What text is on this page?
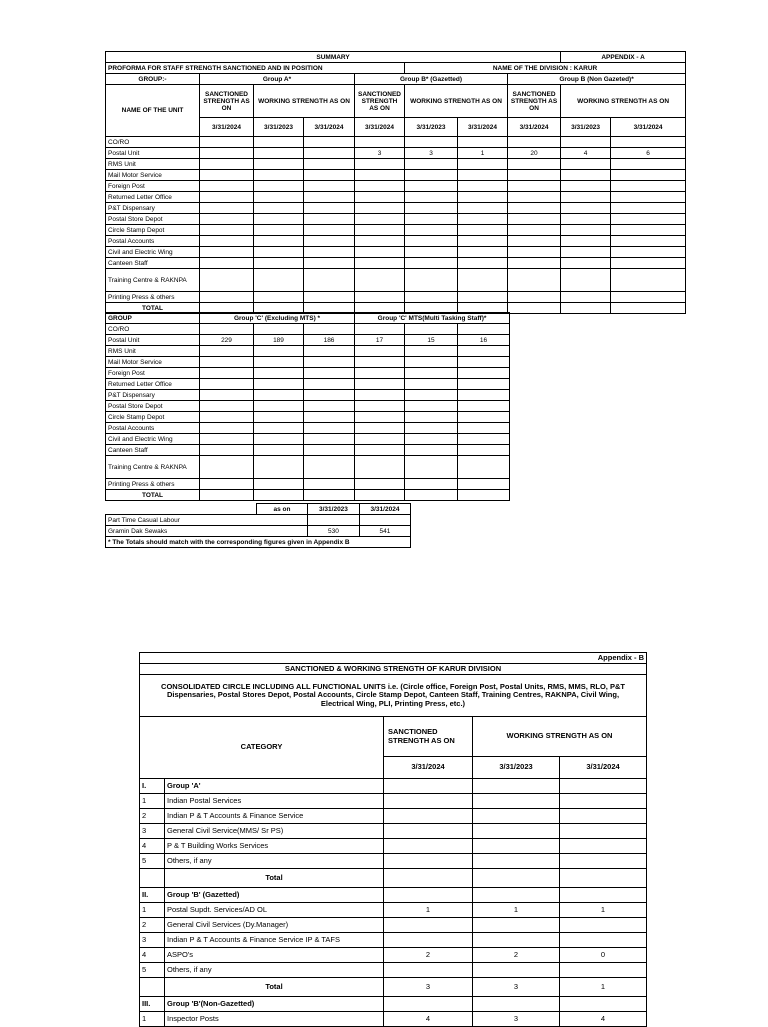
SUMMARY								APPENDIX - A	
PROFORMA FOR STAFF STRENGTH SANCTIONED AND IN POSITION					NAME OF THE DIVISION : KARUR				
GROUP:-	Group A*			Group B* (Gazetted)			Group B (Non Gazeted)*		
NAME OF THE UNIT	SANCTIONED STRENGTH AS ON	WORKING STRENGTH AS ON		SANCTIONED STRENGTH AS ON	WORKING STRENGTH AS ON		SANCTIONED STRENGTH AS ON	WORKING STRENGTH AS ON	
	3/31/2024	3/31/2023	3/31/2024	3/31/2024	3/31/2023	3/31/2024	3/31/2024	3/31/2023	3/31/2024
CO/RO									
Postal Unit				3	3	1	20	4	6
RMS Unit									
Mail Motor Service									
Foreign Post									
Returned Letter Office									
P&T Dispensary									
Postal Store Depot									
Circle Stamp Depot									
Postal Accounts									
Civil and Electric Wing									
Canteen Staff									
Training Centre & RAKNPA									
Printing Press & others									
TOTAL									
GROUP	Group 'C' (Excluding MTS) *			Group 'C' MTS(Multi Tasking Staff)*		
CO/RO						
Postal Unit	229	189	186	17	15	16
RMS Unit						
Mail Motor Service						
Foreign Post						
Returned Letter Office						
P&T Dispensary						
Postal Store Depot						
Circle Stamp Depot						
Postal Accounts						
Civil and Electric Wing						
Canteen Staff						
Training Centre & RAKNPA						
Printing Press & others						
TOTAL						
	as on	3/31/2023	3/31/2024
Part Time Casual Labour			
Gramin Dak Sewaks		530	541
* The Totals should match with the corresponding figures given in Appendix B			
Appendix - B				
SANCTIONED & WORKING STRENGTH OF KARUR DIVISION				
CONSOLIDATED CIRCLE INCLUDING ALL FUNCTIONAL UNITS i.e. (Circle office, Foreign Post, Postal Units, RMS, MMS, RLO, P&T Dispensaries, Postal Stores Depot, Postal Accounts, Circle Stamp Depot, Canteen Staff, Training Centres, RAKNPA, Civil Wing, Electrical Wing, PLI, Printing Press, etc.)				
CATEGORY		SANCTIONED STRENGTH AS ON	WORKING STRENGTH AS ON	
		3/31/2024	3/31/2023	3/31/2024
I.	Group 'A'			
1	Indian Postal Services			
2	Indian P & T Accounts & Finance Service			
3	General Civil Service(MMS/ Sr PS)			
4	P & T Building Works Services			
5	Others, if any			
	Total			
II.	Group 'B' (Gazetted)			
1	Postal Supdt. Services/AD OL	1	1	1
2	General Civil Services (Dy.Manager)			
3	Indian P & T Accounts & Finance Service IP & TAFS			
4	ASPO's	2	2	0
5	Others, if any			
	Total	3	3	1
III.	Group 'B'(Non-Gazetted)			
1	Inspector Posts	4	3	4
